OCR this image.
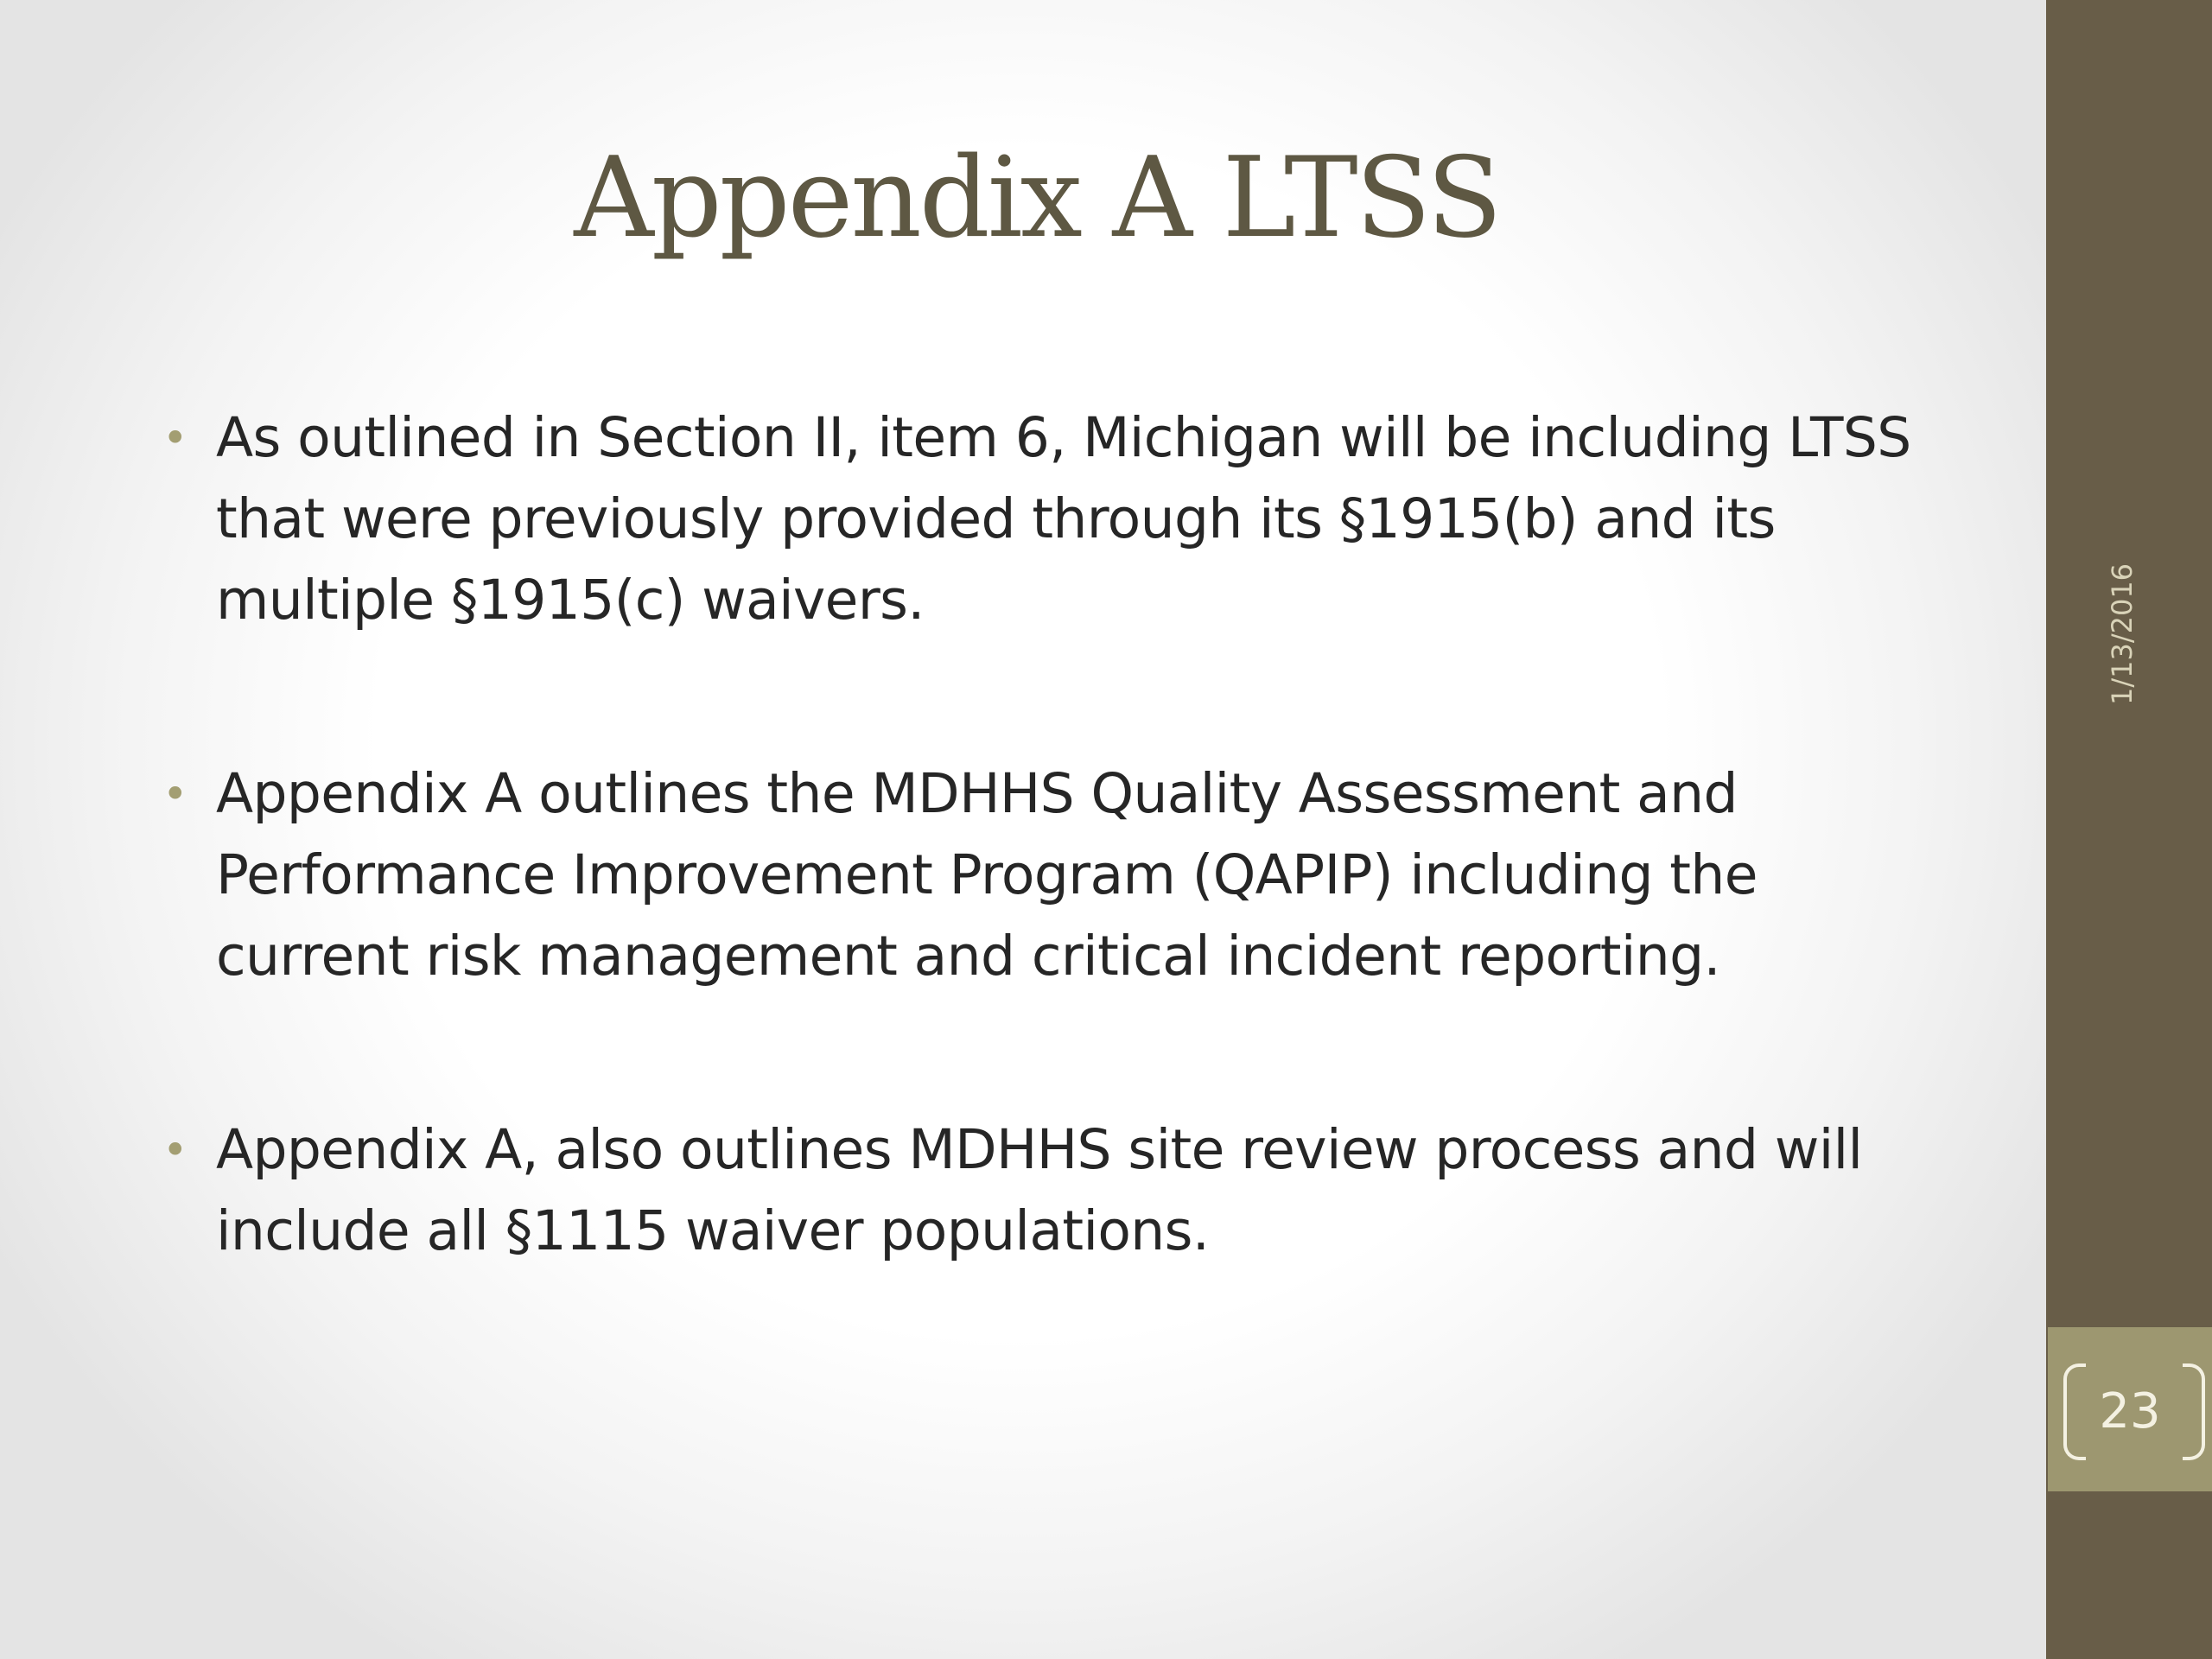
Appendix A LTSS
• As outlined in Section II, item 6, Michigan will be including LTSS that were previously provided through its §1915(b) and its multiple §1915(c) waivers.
• Appendix A outlines the MDHHS Quality Assessment and Performance Improvement Program (QAPIP) including the current risk management and critical incident reporting.
• Appendix A, also outlines MDHHS site review process and will include all §1115 waiver populations.
1/13/2016
23
